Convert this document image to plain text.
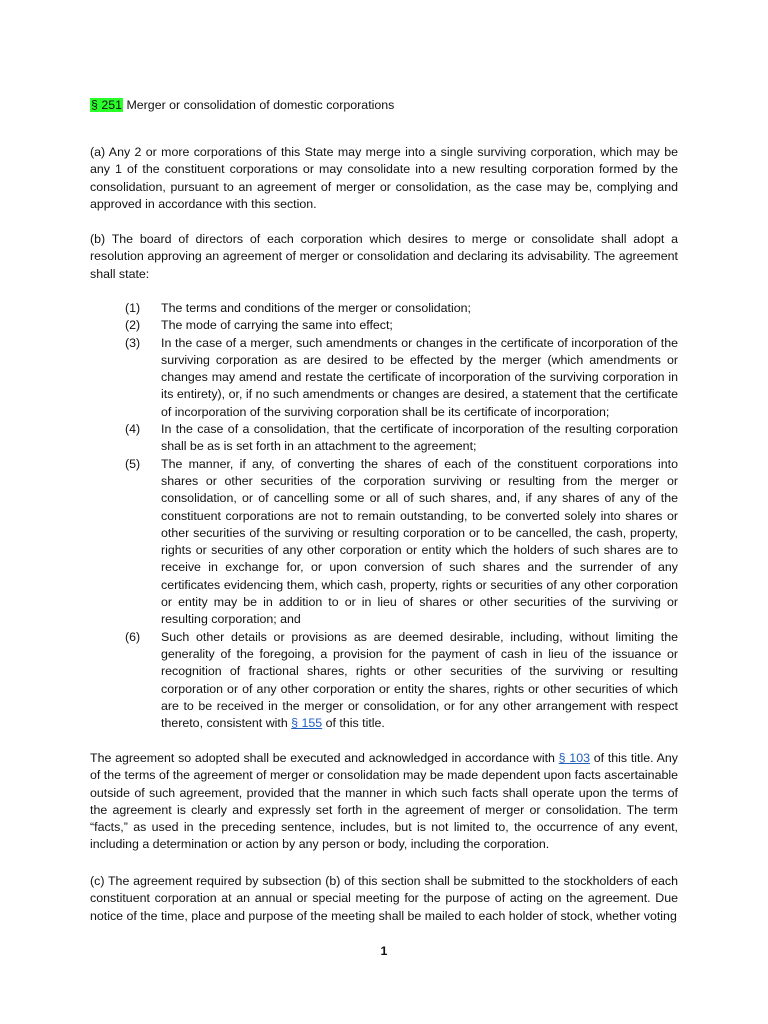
§ 251 Merger or consolidation of domestic corporations

(a) Any 2 or more corporations of this State may merge into a single surviving corporation, which may be any 1 of the constituent corporations or may consolidate into a new resulting corporation formed by the consolidation, pursuant to an agreement of merger or consolidation, as the case may be, complying and approved in accordance with this section.

(b) The board of directors of each corporation which desires to merge or consolidate shall adopt a resolution approving an agreement of merger or consolidation and declaring its advisability. The agreement shall state:

(1)	The terms and conditions of the merger or consolidation;
(2)	The mode of carrying the same into effect;
(3)	In the case of a merger, such amendments or changes in the certificate of incorporation of the surviving corporation as are desired to be effected by the merger (which amendments or changes may amend and restate the certificate of incorporation of the surviving corporation in its entirety), or, if no such amendments or changes are desired, a statement that the certificate of incorporation of the surviving corporation shall be its certificate of incorporation;
(4)	In the case of a consolidation, that the certificate of incorporation of the resulting corporation shall be as is set forth in an attachment to the agreement;
(5)	The manner, if any, of converting the shares of each of the constituent corporations into shares or other securities of the corporation surviving or resulting from the merger or consolidation, or of cancelling some or all of such shares, and, if any shares of any of the constituent corporations are not to remain outstanding, to be converted solely into shares or other securities of the surviving or resulting corporation or to be cancelled, the cash, property, rights or securities of any other corporation or entity which the holders of such shares are to receive in exchange for, or upon conversion of such shares and the surrender of any certificates evidencing them, which cash, property, rights or securities of any other corporation or entity may be in addition to or in lieu of shares or other securities of the surviving or resulting corporation; and
(6)	Such other details or provisions as are deemed desirable, including, without limiting the generality of the foregoing, a provision for the payment of cash in lieu of the issuance or recognition of fractional shares, rights or other securities of the surviving or resulting corporation or of any other corporation or entity the shares, rights or other securities of which are to be received in the merger or consolidation, or for any other arrangement with respect thereto, consistent with § 155 of this title.

The agreement so adopted shall be executed and acknowledged in accordance with § 103 of this title. Any of the terms of the agreement of merger or consolidation may be made dependent upon facts ascertainable outside of such agreement, provided that the manner in which such facts shall operate upon the terms of the agreement is clearly and expressly set forth in the agreement of merger or consolidation. The term “facts,” as used in the preceding sentence, includes, but is not limited to, the occurrence of any event, including a determination or action by any person or body, including the corporation.

(c) The agreement required by subsection (b) of this section shall be submitted to the stockholders of each constituent corporation at an annual or special meeting for the purpose of acting on the agreement. Due notice of the time, place and purpose of the meeting shall be mailed to each holder of stock, whether voting

1
